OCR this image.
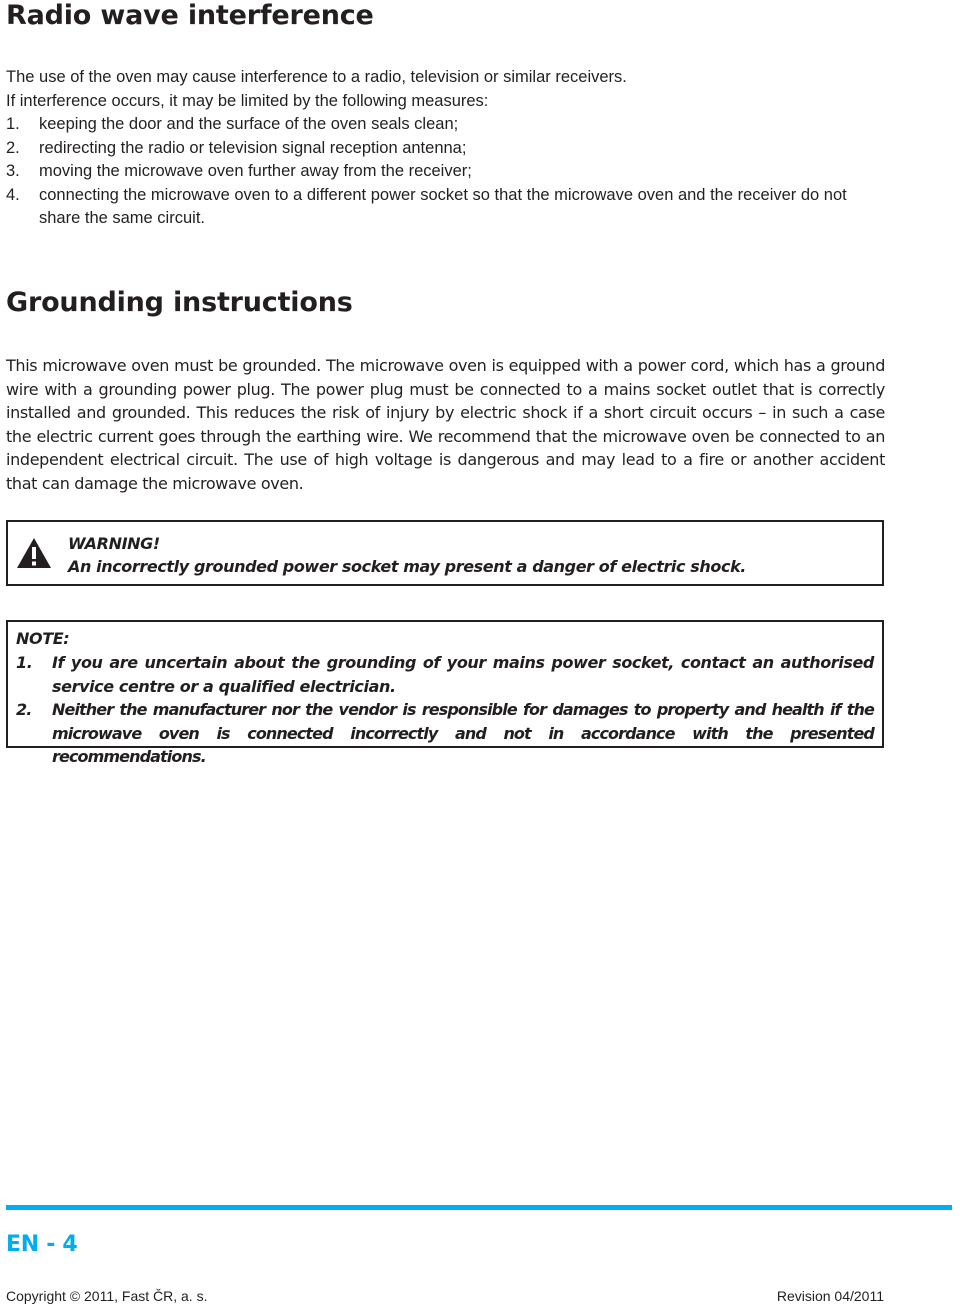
Radio wave interference

The use of the oven may cause interference to a radio, television or similar receivers.

If interference occurs, it may be limited by the following measures:

1. keeping the door and the surface of the oven seals clean;
2. redirecting the radio or television signal reception antenna;
3. moving the microwave oven further away from the receiver;
4. connecting the microwave oven to a different power socket so that the microwave oven and the receiver do not share the same circuit.
Grounding instructions

This microwave oven must be grounded. The microwave oven is equipped with a power cord, which has a ground wire with a grounding power plug. The power plug must be connected to a mains socket outlet that is correctly installed and grounded. This reduces the risk of injury by electric shock if a short circuit occurs – in such a case the electric current goes through the earthing wire. We recommend that the microwave oven be connected to an independent electrical circuit. The use of high voltage is dangerous and may lead to a fire or another accident that can damage the microwave oven.

WARNING!
An incorrectly grounded power socket may present a danger of electric shock.
NOTE:
1. If you are uncertain about the grounding of your mains power socket, contact an authorised service centre or a qualified electrician.
2. Neither the manufacturer nor the vendor is responsible for damages to property and health if the microwave oven is connected incorrectly and not in accordance with the presented recommendations.
EN - 4
Copyright © 2011, Fast ČR, a. s.	Revision 04/2011
